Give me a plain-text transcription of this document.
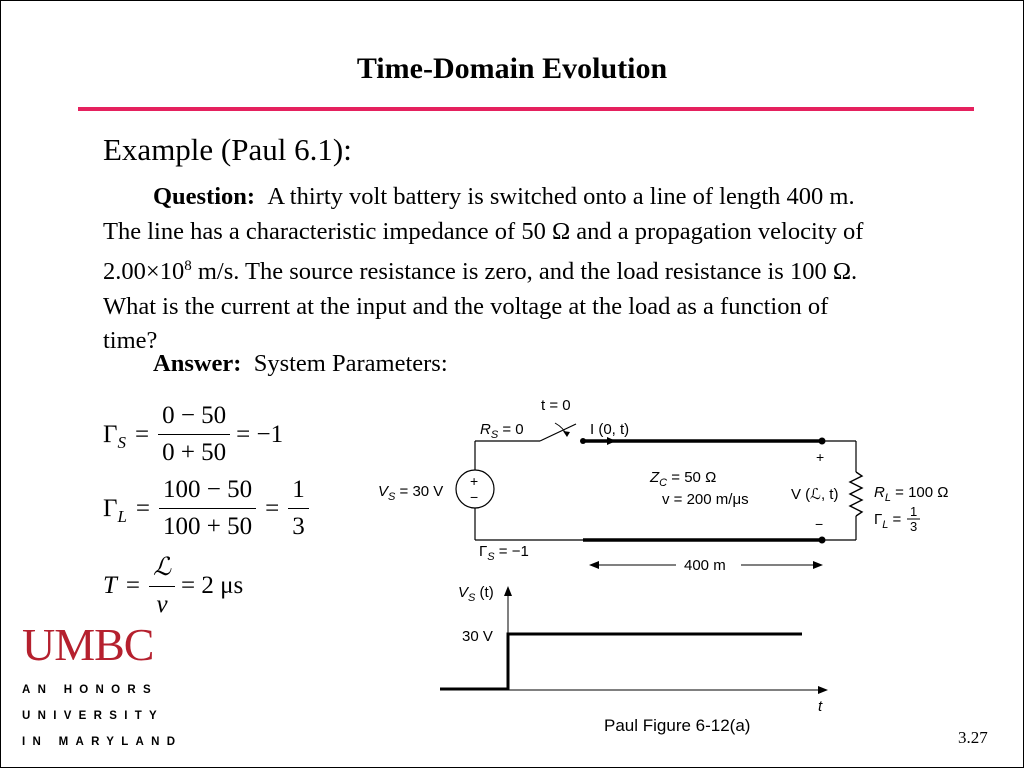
Time-Domain Evolution
Example (Paul 6.1):
Question: A thirty volt battery is switched onto a line of length 400 m.
The line has a characteristic impedance of 50 Ω and a propagation velocity of
$2.00\times 10^8$ m/s. The source resistance is zero, and the load resistance is 100 Ω.
What is the current at the input and the voltage at the load as a function of
time?
Answer: System Parameters:
Γ $S = \frac{0 - 50}{0 + 50} = -1$
Γ $L = \frac{100 - 50}{100 + 50} = \frac{1}{3}$
$T = \frac{\text{ℒ}}{v} = 2$ μs
t = 0
$R_S = 0$	I (0, t)
+
−
$V_S = 30$ V
$Z_C = 50$ Ω
v = 200 m/μs
+
V (ℒ, t)
−
$R_L = 100$ Ω
$\Gamma_L = 1$
3
$\Gamma_S = -1$
400 m
$V_S$ (t)
30 V
t
UMBC
AN HONORS
UNIVERSITY
IN MARYLAND
Paul Figure 6-12(a)
3.27
